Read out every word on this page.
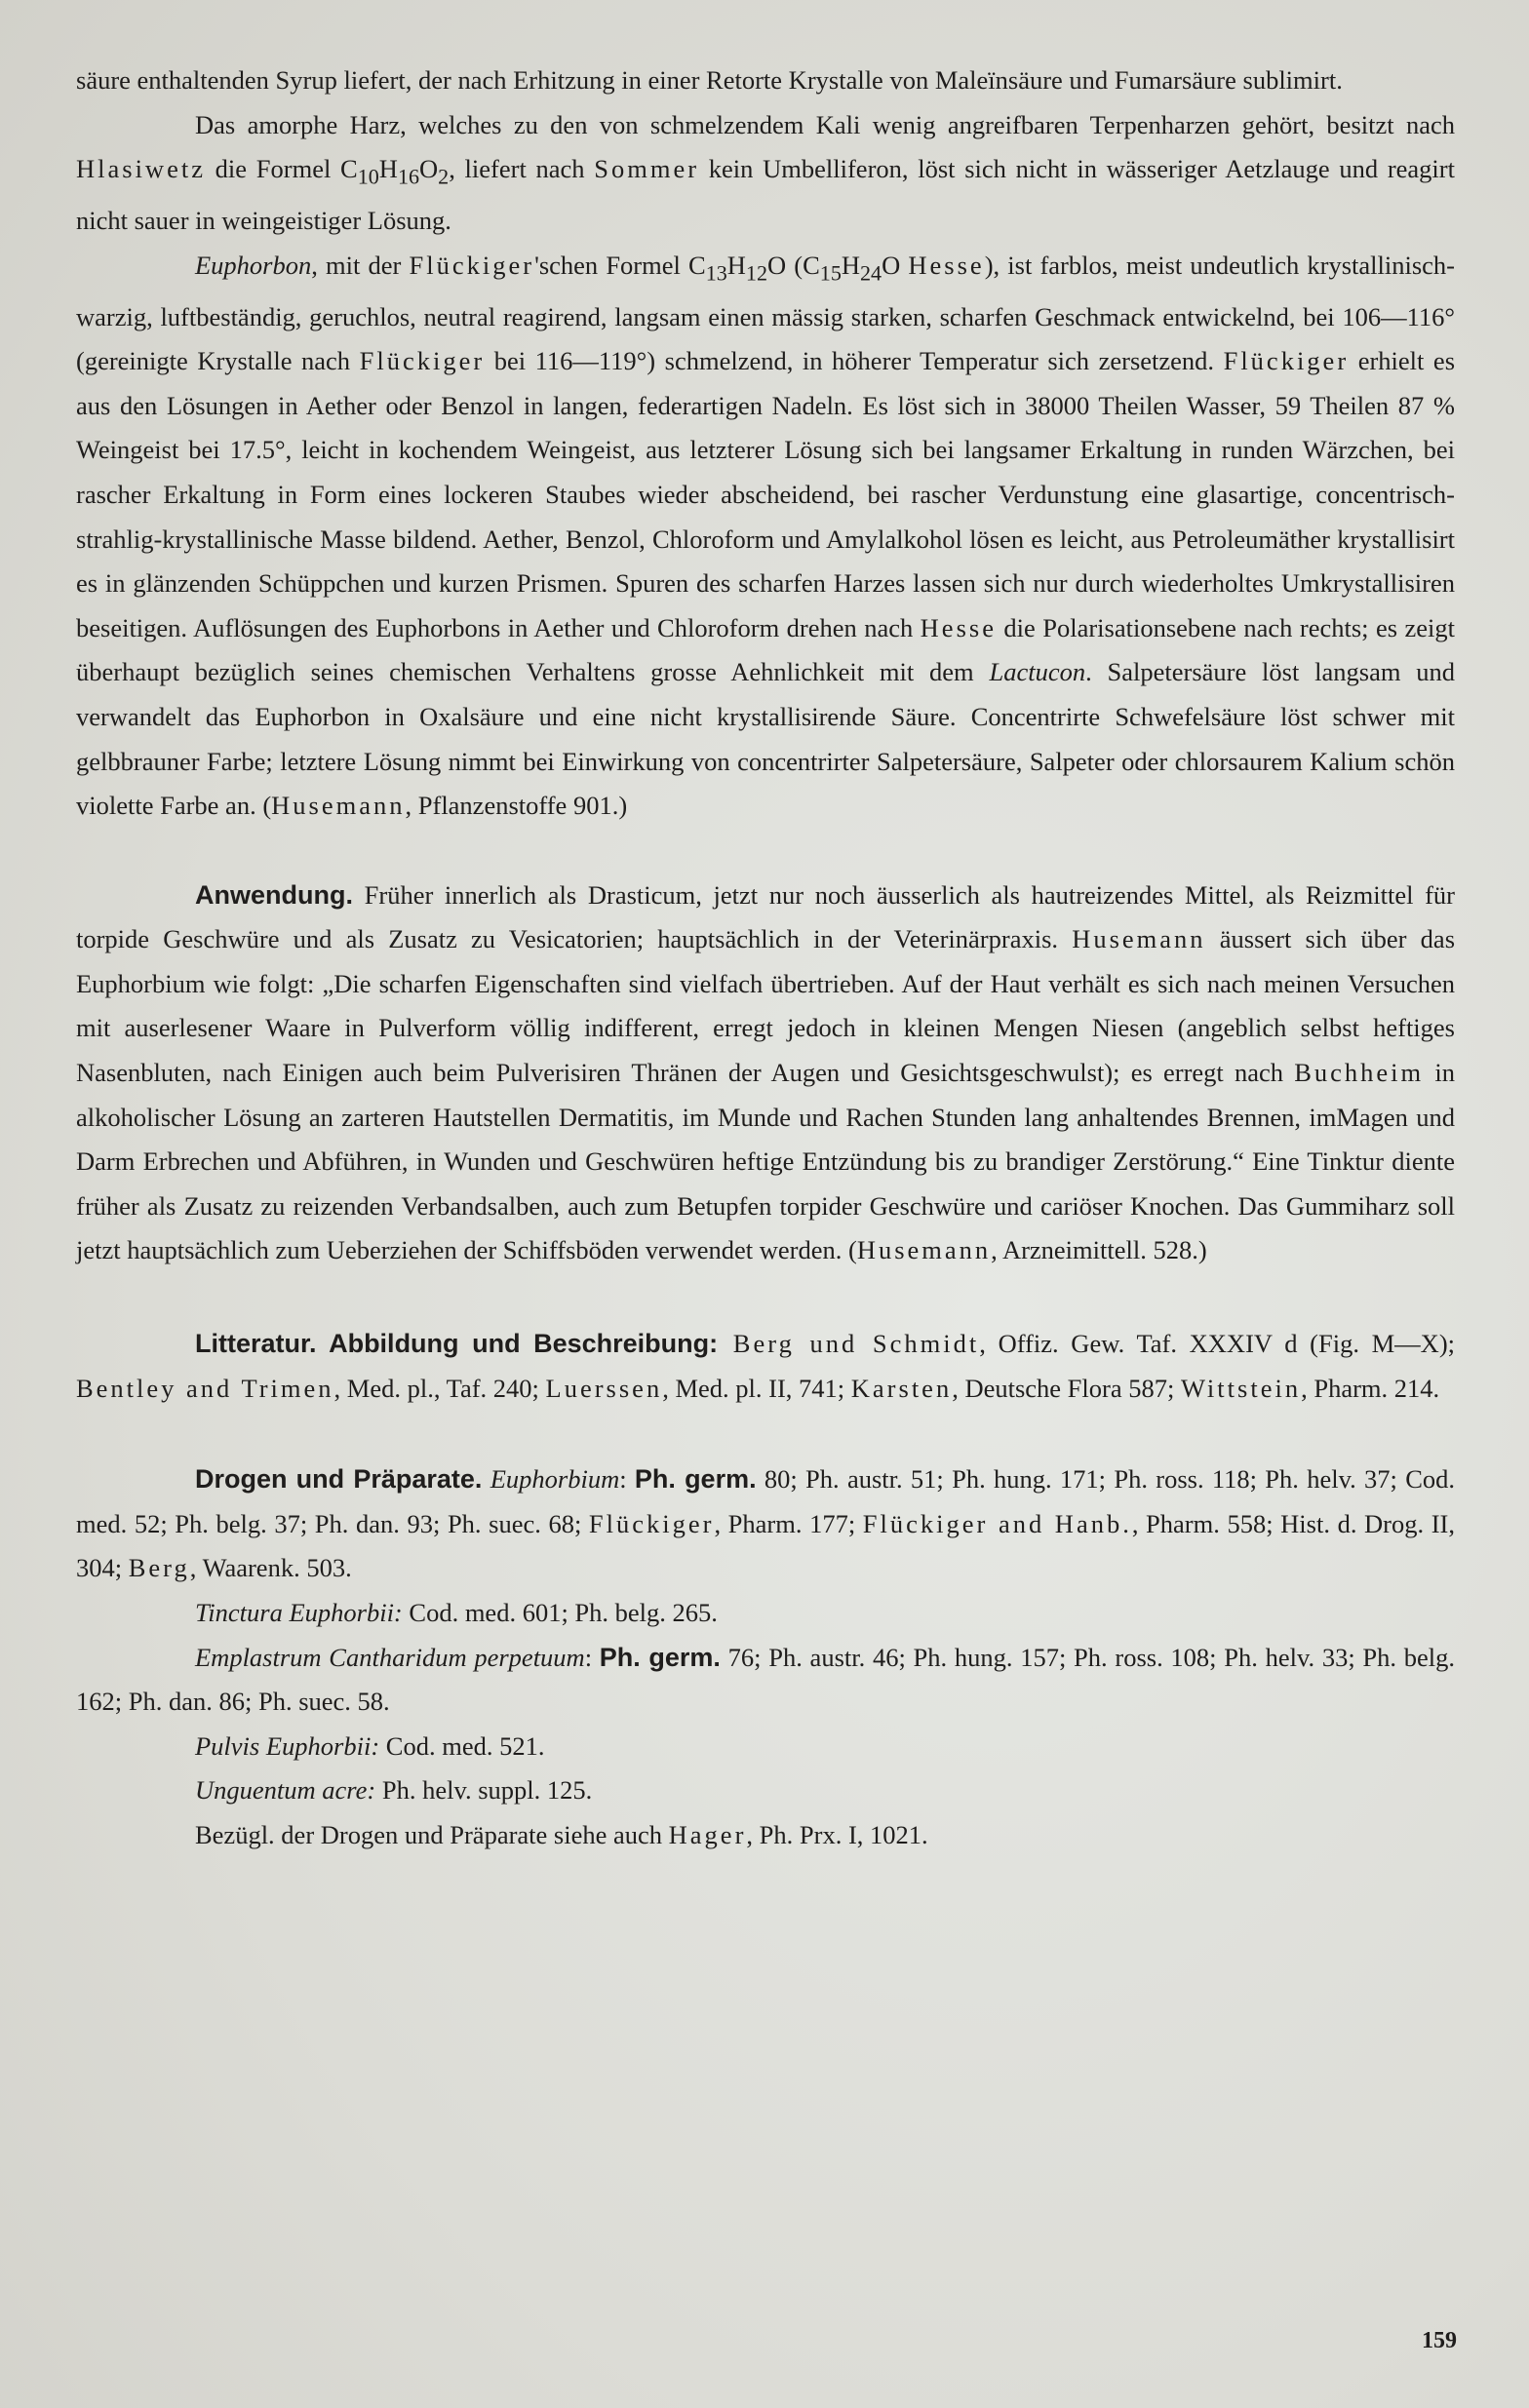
säure enthaltenden Syrup liefert, der nach Erhitzung in einer Retorte Krystalle von Maleïnsäure und Fumarsäure sublimirt.

Das amorphe Harz, welches zu den von schmelzendem Kali wenig angreifbaren Terpenharzen gehört, besitzt nach Hlasiwetz die Formel $C_{10}H_{16}O_2$, liefert nach Sommer kein Umbelliferon, löst sich nicht in wässeriger Aetzlauge und reagirt nicht sauer in weingeistiger Lösung.

Euphorbon, mit der Flückiger'schen Formel $C_{13}H_{12}O$ ($C_{15}H_{24}O$ Hesse), ist farblos, meist undeutlich krystallinisch-warzig, luftbeständig, geruchlos, neutral reagirend, langsam einen mässig starken, scharfen Geschmack entwickelnd, bei 106—116° (gereinigte Krystalle nach Flückiger bei 116—119°) schmelzend, in höherer Temperatur sich zersetzend. Flückiger erhielt es aus den Lösungen in Aether oder Benzol in langen, federartigen Nadeln. Es löst sich in 38000 Theilen Wasser, 59 Theilen 87 % Weingeist bei 17.5°, leicht in kochendem Weingeist, aus letzterer Lösung sich bei langsamer Erkaltung in runden Wärzchen, bei rascher Erkaltung in Form eines lockeren Staubes wieder abscheidend, bei rascher Verdunstung eine glasartige, concentrisch-strahlig-krystallinische Masse bildend. Aether, Benzol, Chloroform und Amylalkohol lösen es leicht, aus Petroleumäther krystallisirt es in glänzenden Schüppchen und kurzen Prismen. Spuren des scharfen Harzes lassen sich nur durch wiederholtes Umkrystallisiren beseitigen. Auflösungen des Euphorbons in Aether und Chloroform drehen nach Hesse die Polarisationsebene nach rechts; es zeigt überhaupt bezüglich seines chemischen Verhaltens grosse Aehnlichkeit mit dem Lactucon. Salpetersäure löst langsam und verwandelt das Euphorbon in Oxalsäure und eine nicht krystallisirende Säure. Concentrirte Schwefelsäure löst schwer mit gelbbrauner Farbe; letztere Lösung nimmt bei Einwirkung von concentrirter Salpetersäure, Salpeter oder chlorsaurem Kalium schön violette Farbe an. (Husemann, Pflanzenstoffe 901.)

Anwendung. Früher innerlich als Drasticum, jetzt nur noch äusserlich als hautreizendes Mittel, als Reizmittel für torpide Geschwüre und als Zusatz zu Vesicatorien; hauptsächlich in der Veterinärpraxis. Husemann äussert sich über das Euphorbium wie folgt: „Die scharfen Eigenschaften sind vielfach übertrieben. Auf der Haut verhält es sich nach meinen Versuchen mit auserlesener Waare in Pulverform völlig indifferent, erregt jedoch in kleinen Mengen Niesen (angeblich selbst heftiges Nasenbluten, nach Einigen auch beim Pulverisiren Thränen der Augen und Gesichtsgeschwulst); es erregt nach Buchheim in alkoholischer Lösung an zarteren Hautstellen Dermatitis, im Munde und Rachen Stunden lang anhaltendes Brennen, imMagen und Darm Erbrechen und Abführen, in Wunden und Geschwüren heftige Entzündung bis zu brandiger Zerstörung.“ Eine Tinktur diente früher als Zusatz zu reizenden Verbandsalben, auch zum Betupfen torpider Geschwüre und cariöser Knochen. Das Gummiharz soll jetzt hauptsächlich zum Ueberziehen der Schiffsböden verwendet werden. (Husemann, Arzneimittell. 528.)

Litteratur. Abbildung und Beschreibung: Berg und Schmidt, Offiz. Gew. Taf. XXXIV d (Fig. M—X); Bentley and Trimen, Med. pl., Taf. 240; Luerssen, Med. pl. II, 741; Karsten, Deutsche Flora 587; Wittstein, Pharm. 214.

Drogen und Präparate. Euphorbium: Ph. germ. 80; Ph. austr. 51; Ph. hung. 171; Ph. ross. 118; Ph. helv. 37; Cod. med. 52; Ph. belg. 37; Ph. dan. 93; Ph. suec. 68; Flückiger, Pharm. 177; Flückiger and Hanb., Pharm. 558; Hist. d. Drog. II, 304; Berg, Waarenk. 503.

Tinctura Euphorbii: Cod. med. 601; Ph. belg. 265.

Emplastrum Cantharidum perpetuum: Ph. germ. 76; Ph. austr. 46; Ph. hung. 157; Ph. ross. 108; Ph. helv. 33; Ph. belg. 162; Ph. dan. 86; Ph. suec. 58.

Pulvis Euphorbii: Cod. med. 521.

Unguentum acre: Ph. helv. suppl. 125.

Bezügl. der Drogen und Präparate siehe auch Hager, Ph. Prx. I, 1021.

159
